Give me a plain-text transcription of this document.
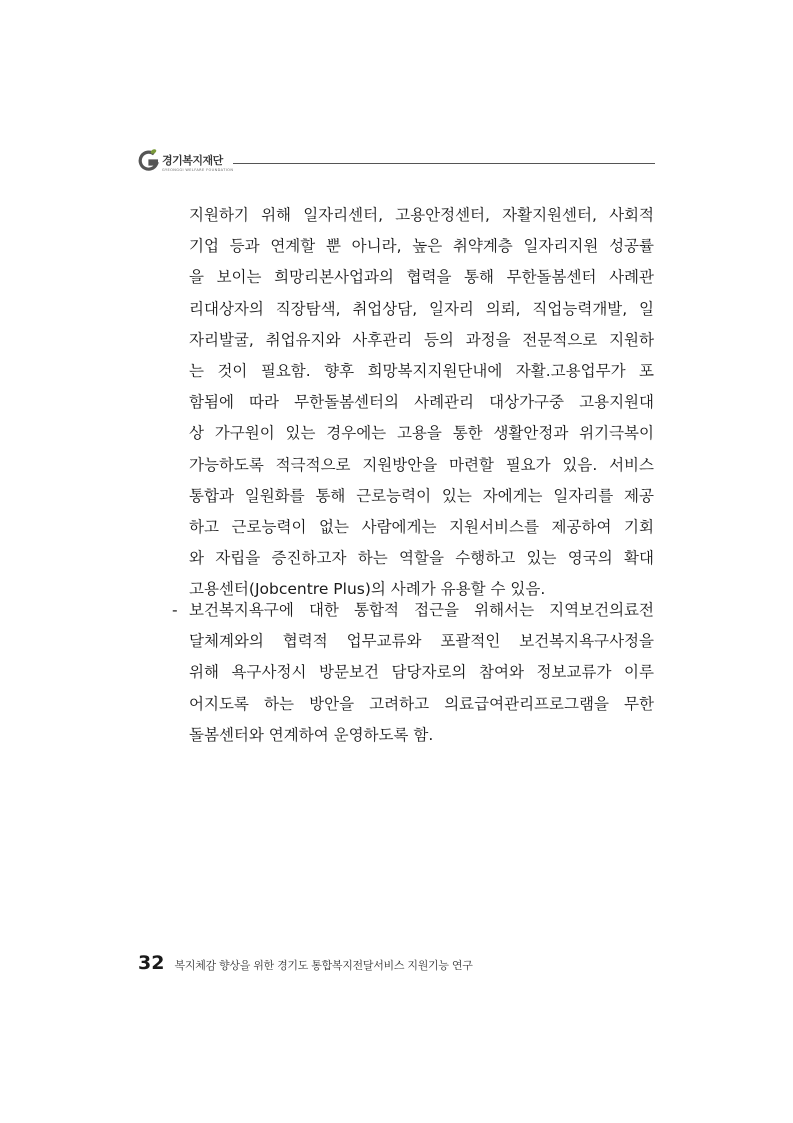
경기복지재단
GYEONGGI WELFARE FOUNDATION
지원하기 위해 일자리센터, 고용안정센터, 자활지원센터, 사회적
기업 등과 연계할 뿐 아니라, 높은 취약계층 일자리지원 성공률
을 보이는 희망리본사업과의 협력을 통해 무한돌봄센터 사례관
리대상자의 직장탐색, 취업상담, 일자리 의뢰, 직업능력개발, 일
자리발굴, 취업유지와 사후관리 등의 과정을 전문적으로 지원하
는 것이 필요함. 향후 희망복지지원단내에 자활.고용업무가 포
함됨에 따라 무한돌봄센터의 사례관리 대상가구중 고용지원대
상 가구원이 있는 경우에는 고용을 통한 생활안정과 위기극복이
가능하도록 적극적으로 지원방안을 마련할 필요가 있음. 서비스
통합과 일원화를 통해 근로능력이 있는 자에게는 일자리를 제공
하고 근로능력이 없는 사람에게는 지원서비스를 제공하여 기회
와 자립을 증진하고자 하는 역할을 수행하고 있는 영국의 확대
고용센터(Jobcentre Plus)의 사례가 유용할 수 있음.
- 보건복지욕구에 대한 통합적 접근을 위해서는 지역보건의료전
달체계와의 협력적 업무교류와 포괄적인 보건복지욕구사정을
위해 욕구사정시 방문보건 담당자로의 참여와 정보교류가 이루
어지도록 하는 방안을 고려하고 의료급여관리프로그램을 무한
돌봄센터와 연계하여 운영하도록 함.
32 복지체감 향상을 위한 경기도 통합복지전달서비스 지원기능 연구
